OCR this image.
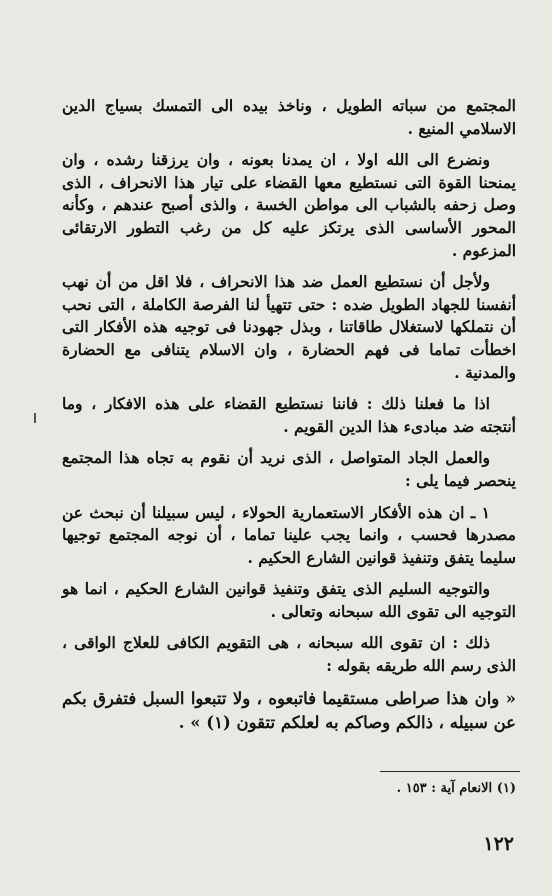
المجتمع من سباته الطويل ، وناخذ بيده الى التمسك بسياج الدين الاسلامي المنيع .

ونضرع الى الله اولا ، ان يمدنا بعونه ، وان يرزقنا رشده ، وان يمنحنا القوة التى نستطيع معها القضاء على تيار هذا الانحراف ، الذى وصل زحفه بالشباب الى مواطن الخسة ، والذى أصبح عندهم ، وكأنه المحور الأساسى الذى يرتكز عليه كل من رغب التطور الارتقائى المزعوم .

ولأجل أن نستطيع العمل ضد هذا الانحراف ، فلا اقل من أن نهب أنفسنا للجهاد الطويل ضده : حتى تتهيأ لنا الفرصة الكاملة ، التى نحب أن نتملكها لاستغلال طاقاتنا ، وبذل جهودنا فى توجيه هذه الأفكار التى اخطأت تماما فى فهم الحضارة ، وان الاسلام يتنافى مع الحضارة والمدنية .

اذا ما فعلنا ذلك : فاننا نستطيع القضاء على هذه الافكار ، وما أنتجته ضد مبادىء هذا الدين القويم .

والعمل الجاد المتواصل ، الذى نريد أن نقوم به تجاه هذا المجتمع ينحصر فيما يلى :

١ ـ ان هذه الأفكار الاستعمارية الحولاء ، ليس سبيلنا أن نبحث عن مصدرها فحسب ، وانما يجب علينا تماما ، أن نوجه المجتمع توجيها سليما يتفق وتنفيذ قوانين الشارع الحكيم .

والتوجيه السليم الذى يتفق وتنفيذ قوانين الشارع الحكيم ، انما هو التوجيه الى تقوى الله سبحانه وتعالى .

ذلك : ان تقوى الله سبحانه ، هى التقويم الكافى للعلاج الواقى ، الذى رسم الله طريقه بقوله :

« وان هذا صراطى مستقيما فاتبعوه ، ولا تتبعوا السبل فتفرق بكم عن سبيله ، ذالكم وصاكم به لعلكم تتقون (١) » .

(١) الانعام آية : ١٥٣ .
١٢٢
